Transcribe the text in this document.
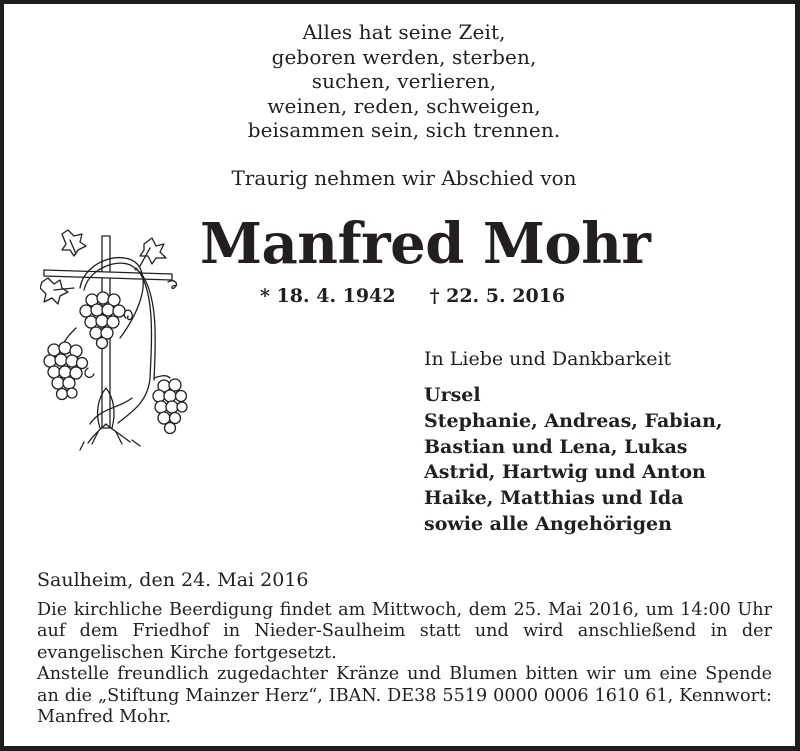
Alles hat seine Zeit,
geboren werden, sterben,
suchen, verlieren,
weinen, reden, schweigen,
beisammen sein, sich trennen.
Traurig nehmen wir Abschied von
Manfred Mohr
* 18. 4. 1942 † 22. 5. 2016
In Liebe und Dankbarkeit
Ursel
Stephanie, Andreas, Fabian,
Bastian und Lena, Lukas
Astrid, Hartwig und Anton
Haike, Matthias und Ida
sowie alle Angehörigen
Saulheim, den 24. Mai 2016

Die kirchliche Beerdigung findet am Mittwoch, dem 25. Mai 2016, um 14:00 Uhr auf dem Friedhof in Nieder-Saulheim statt und wird anschließend in der evangelischen Kirche fortgesetzt.

Anstelle freundlich zugedachter Kränze und Blumen bitten wir um eine Spende an die „Stiftung Mainzer Herz“, IBAN. DE38 5519 0000 0006 1610 61, Kennwort: Manfred Mohr.
